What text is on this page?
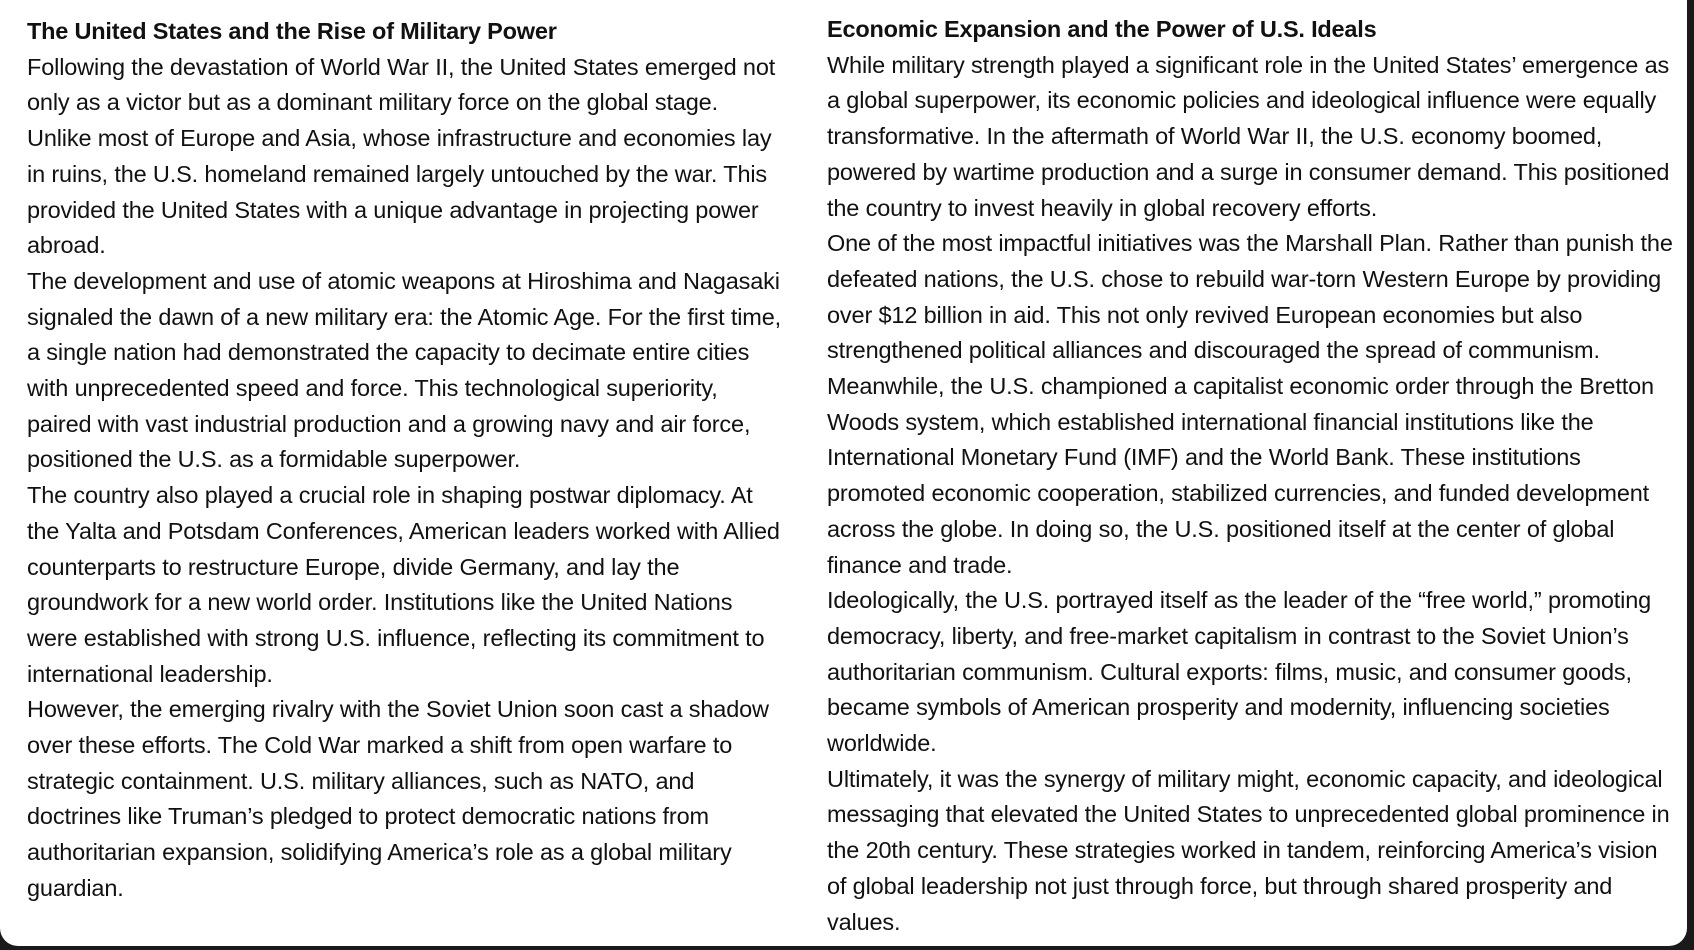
The United States and the Rise of Military Power

Following the devastation of World War II, the United States emerged not only as a victor but as a dominant military force on the global stage. Unlike most of Europe and Asia, whose infrastructure and economies lay in ruins, the U.S. homeland remained largely untouched by the war. This provided the United States with a unique advantage in projecting power abroad.

The development and use of atomic weapons at Hiroshima and Nagasaki signaled the dawn of a new military era: the Atomic Age. For the first time, a single nation had demonstrated the capacity to decimate entire cities with unprecedented speed and force. This technological superiority, paired with vast industrial production and a growing navy and air force, positioned the U.S. as a formidable superpower.

The country also played a crucial role in shaping postwar diplomacy. At the Yalta and Potsdam Conferences, American leaders worked with Allied counterparts to restructure Europe, divide Germany, and lay the groundwork for a new world order. Institutions like the United Nations were established with strong U.S. influence, reflecting its commitment to international leadership.

However, the emerging rivalry with the Soviet Union soon cast a shadow over these efforts. The Cold War marked a shift from open warfare to strategic containment. U.S. military alliances, such as NATO, and doctrines like Truman’s pledged to protect democratic nations from authoritarian expansion, solidifying America’s role as a global military guardian.

Economic Expansion and the Power of U.S. Ideals

While military strength played a significant role in the United States’ emergence as a global superpower, its economic policies and ideological influence were equally transformative. In the aftermath of World War II, the U.S. economy boomed, powered by wartime production and a surge in consumer demand. This positioned the country to invest heavily in global recovery efforts.

One of the most impactful initiatives was the Marshall Plan. Rather than punish the defeated nations, the U.S. chose to rebuild war-torn Western Europe by providing over $12 billion in aid. This not only revived European economies but also strengthened political alliances and discouraged the spread of communism. Meanwhile, the U.S. championed a capitalist economic order through the Bretton Woods system, which established international financial institutions like the International Monetary Fund (IMF) and the World Bank. These institutions promoted economic cooperation, stabilized currencies, and funded development across the globe. In doing so, the U.S. positioned itself at the center of global finance and trade.

Ideologically, the U.S. portrayed itself as the leader of the “free world,” promoting democracy, liberty, and free-market capitalism in contrast to the Soviet Union’s authoritarian communism. Cultural exports: films, music, and consumer goods, became symbols of American prosperity and modernity, influencing societies worldwide.

Ultimately, it was the synergy of military might, economic capacity, and ideological messaging that elevated the United States to unprecedented global prominence in the 20th century. These strategies worked in tandem, reinforcing America’s vision of global leadership not just through force, but through shared prosperity and values.
